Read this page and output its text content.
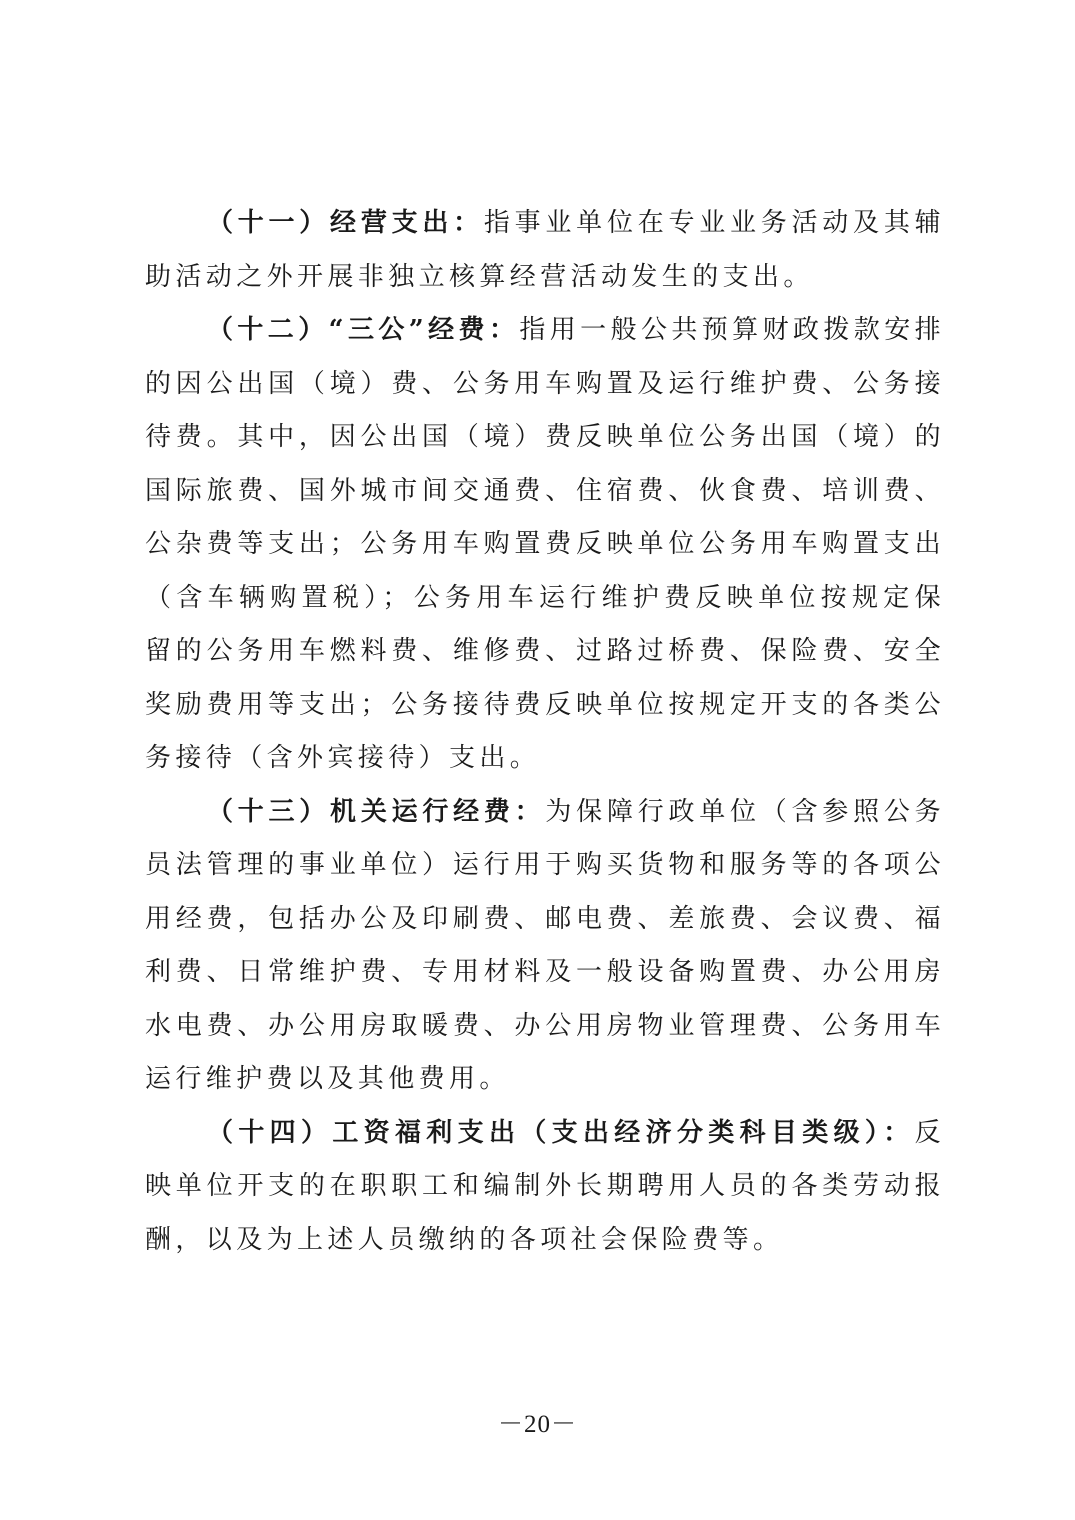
（十一）经营支出：指事业单位在专业业务活动及其辅助活动之外开展非独立核算经营活动发生的支出。

（十二）“三公”经费：指用一般公共预算财政拨款安排的因公出国（境）费、公务用车购置及运行维护费、公务接待费。其中，因公出国（境）费反映单位公务出国（境）的国际旅费、国外城市间交通费、住宿费、伙食费、培训费、公杂费等支出；公务用车购置费反映单位公务用车购置支出（含车辆购置税）；公务用车运行维护费反映单位按规定保留的公务用车燃料费、维修费、过路过桥费、保险费、安全奖励费用等支出；公务接待费反映单位按规定开支的各类公务接待（含外宾接待）支出。

（十三）机关运行经费：为保障行政单位（含参照公务员法管理的事业单位）运行用于购买货物和服务等的各项公用经费，包括办公及印刷费、邮电费、差旅费、会议费、福利费、日常维护费、专用材料及一般设备购置费、办公用房水电费、办公用房取暖费、办公用房物业管理费、公务用车运行维护费以及其他费用。

（十四）工资福利支出（支出经济分类科目类级）：反映单位开支的在职职工和编制外长期聘用人员的各类劳动报酬，以及为上述人员缴纳的各项社会保险费等。

－20－
